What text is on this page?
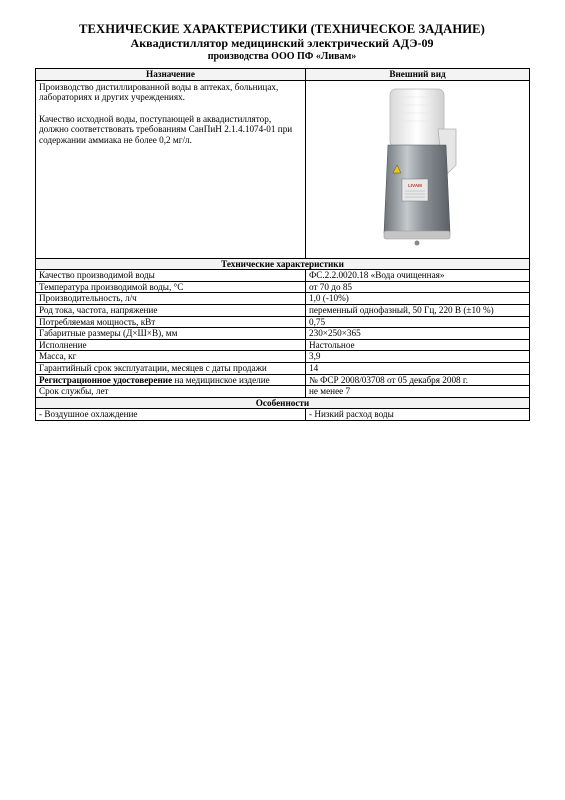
ТЕХНИЧЕСКИЕ ХАРАКТЕРИСТИКИ (ТЕХНИЧЕСКОЕ ЗАДАНИЕ)
Аквадистиллятор медицинский электрический АДЭ-09
производства ООО ПФ «Ливам»
Назначение	Внешний вид

Производство дистиллированной воды в аптеках, больницах, лабораториях и других учреждениях.

Качество исходной воды, поступающей в аквадистиллятор, должно соответствовать требованиям СанПиН 2.1.4.1074-01 при содержании аммиака не более 0,2 мг/л.	LIVAM

Технические характеристики	
Качество производимой воды	ФС.2.2.0020.18 «Вода очищенная»
Температура производимой воды, °С	от 70 до 85
Производительность, л/ч	1,0 (-10%)
Род тока, частота, напряжение	переменный однофазный, 50 Гц, 220 В (±10 %)
Потребляемая мощность, кВт	0,75
Габаритные размеры (Д×Ш×В), мм	230×250×365
Исполнение	Настольное
Масса, кг	3,9
Гарантийный срок эксплуатации, месяцев с даты продажи	14
Регистрационное удостоверение на медицинское изделие	№ ФСР 2008/03708 от 05 декабря 2008 г.
Срок службы, лет	не менее 7
Особенности	
- Воздушное охлаждение	- Низкий расход воды
